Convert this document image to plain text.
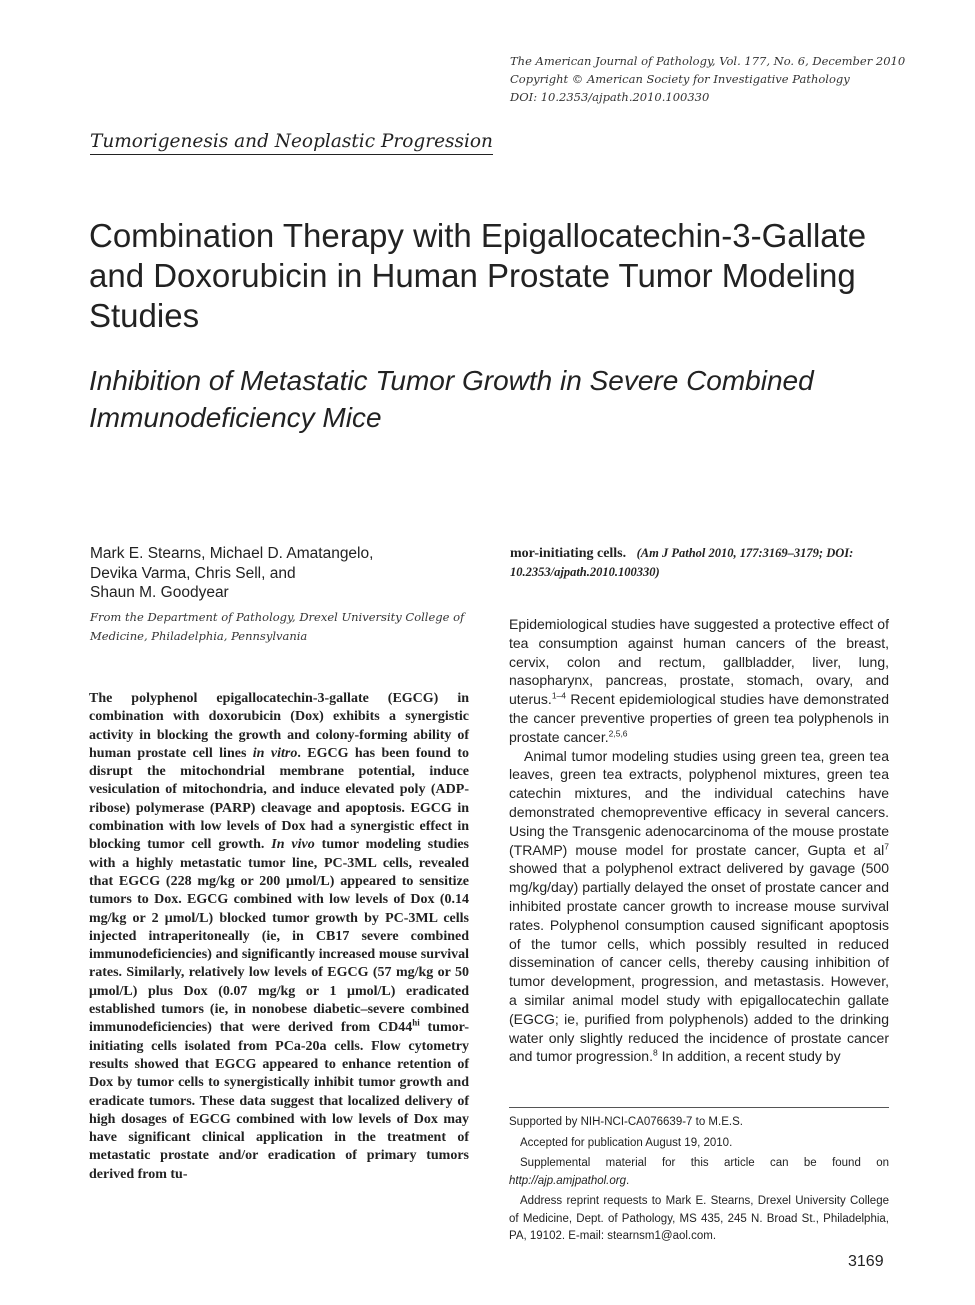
The American Journal of Pathology, Vol. 177, No. 6, December 2010
Copyright © American Society for Investigative Pathology
DOI: 10.2353/ajpath.2010.100330
Tumorigenesis and Neoplastic Progression
Combination Therapy with Epigallocatechin-3-Gallate and Doxorubicin in Human Prostate Tumor Modeling Studies
Inhibition of Metastatic Tumor Growth in Severe Combined Immunodeficiency Mice
Mark E. Stearns, Michael D. Amatangelo,
Devika Varma, Chris Sell, and
Shaun M. Goodyear
From the Department of Pathology, Drexel University College of Medicine, Philadelphia, Pennsylvania
The polyphenol epigallocatechin-3-gallate (EGCG) in combination with doxorubicin (Dox) exhibits a synergistic activity in blocking the growth and colony-forming ability of human prostate cell lines in vitro. EGCG has been found to disrupt the mitochondrial membrane potential, induce vesiculation of mitochondria, and induce elevated poly (ADP-ribose) polymerase (PARP) cleavage and apoptosis. EGCG in combination with low levels of Dox had a synergistic effect in blocking tumor cell growth. In vivo tumor modeling studies with a highly metastatic tumor line, PC-3ML cells, revealed that EGCG (228 mg/kg or 200 μmol/L) appeared to sensitize tumors to Dox. EGCG combined with low levels of Dox (0.14 mg/kg or 2 μmol/L) blocked tumor growth by PC-3ML cells injected intraperitoneally (ie, in CB17 severe combined immunodeficiencies) and significantly increased mouse survival rates. Similarly, relatively low levels of EGCG (57 mg/kg or 50 μmol/L) plus Dox (0.07 mg/kg or 1 μmol/L) eradicated established tumors (ie, in nonobese diabetic–severe combined immunodeficiencies) that were derived from $CD44^{hi}$ tumor-initiating cells isolated from PCa-20a cells. Flow cytometry results showed that EGCG appeared to enhance retention of Dox by tumor cells to synergistically inhibit tumor growth and eradicate tumors. These data suggest that localized delivery of high dosages of EGCG combined with low levels of Dox may have significant clinical application in the treatment of metastatic prostate and/or eradication of primary tumors derived from tu-
mor-initiating cells. (Am J Pathol 2010, 177:3169–3179; DOI: 10.2353/ajpath.2010.100330)

Epidemiological studies have suggested a protective effect of tea consumption against human cancers of the breast, cervix, colon and rectum, gallbladder, liver, lung, nasopharynx, pancreas, prostate, stomach, ovary, and uterus.$^{1-4}$ Recent epidemiological studies have demonstrated the cancer preventive properties of green tea polyphenols in prostate cancer.$^{2,5,6}$

Animal tumor modeling studies using green tea, green tea leaves, green tea extracts, polyphenol mixtures, green tea catechin mixtures, and the individual catechins have demonstrated chemopreventive efficacy in several cancers. Using the Transgenic adenocarcinoma of the mouse prostate (TRAMP) mouse model for prostate cancer, Gupta et $al^7$ showed that a polyphenol extract delivered by gavage (500 mg/kg/day) partially delayed the onset of prostate cancer and inhibited prostate cancer growth to increase mouse survival rates. Polyphenol consumption caused significant apoptosis of the tumor cells, which possibly resulted in reduced dissemination of cancer cells, thereby causing inhibition of tumor development, progression, and metastasis. However, a similar animal model study with epigallocatechin gallate (EGCG; ie, purified from polyphenols) added to the drinking water only slightly reduced the incidence of prostate cancer and tumor progression.$^8$ In addition, a recent study by

Supported by NIH-NCI-CA076639-7 to M.E.S.

Accepted for publication August 19, 2010.

Supplemental material for this article can be found on http://ajp.amjpathol.org.

Address reprint requests to Mark E. Stearns, Drexel University College of Medicine, Dept. of Pathology, MS 435, 245 N. Broad St., Philadelphia, PA, 19102. E-mail: stearnsm1@aol.com.

3169
